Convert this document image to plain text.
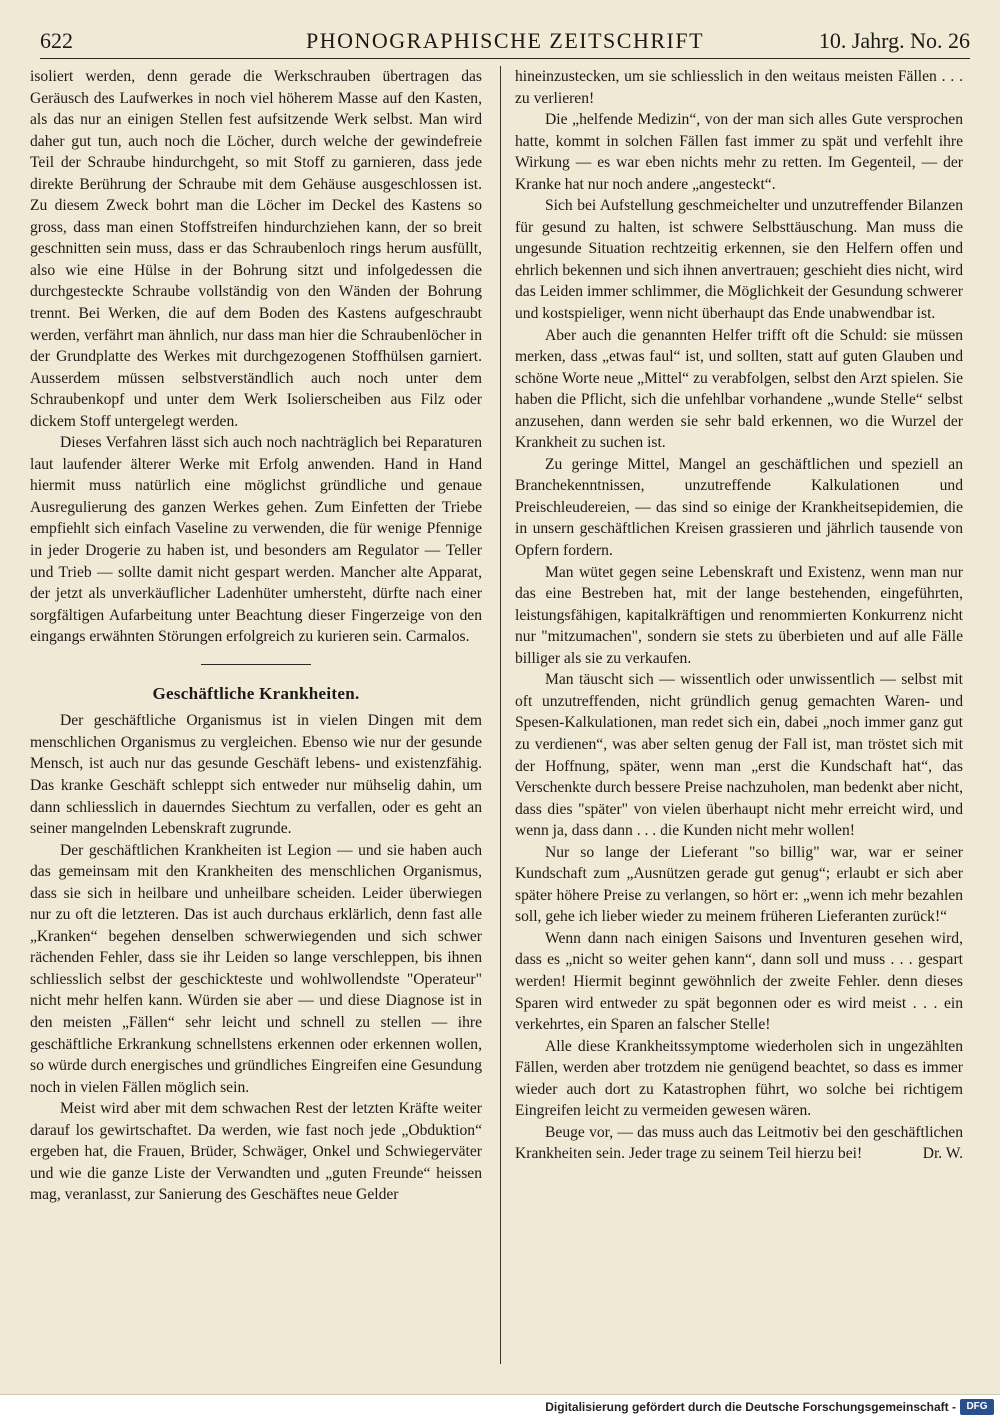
622	PHONOGRAPHISCHE ZEITSCHRIFT	10. Jahrg. No. 26

isoliert werden, denn gerade die Werkschrauben übertragen das Geräusch des Laufwerkes in noch viel höherem Masse auf den Kasten, als das nur an einigen Stellen fest aufsitzende Werk selbst. Man wird daher gut tun, auch noch die Löcher, durch welche der gewindefreie Teil der Schraube hindurchgeht, so mit Stoff zu garnieren, dass jede direkte Berührung der Schraube mit dem Gehäuse ausgeschlossen ist. Zu diesem Zweck bohrt man die Löcher im Deckel des Kastens so gross, dass man einen Stoffstreifen hindurchziehen kann, der so breit geschnitten sein muss, dass er das Schraubenloch rings herum ausfüllt, also wie eine Hülse in der Bohrung sitzt und infolgedessen die durchgesteckte Schraube vollständig von den Wänden der Bohrung trennt. Bei Werken, die auf dem Boden des Kastens aufgeschraubt werden, verfährt man ähnlich, nur dass man hier die Schraubenlöcher in der Grundplatte des Werkes mit durchgezogenen Stoffhülsen garniert. Ausserdem müssen selbstverständlich auch noch unter dem Schraubenkopf und unter dem Werk Isolierscheiben aus Filz oder dickem Stoff untergelegt werden.

Dieses Verfahren lässt sich auch noch nachträglich bei Reparaturen laut laufender älterer Werke mit Erfolg anwenden. Hand in Hand hiermit muss natürlich eine möglichst gründliche und genaue Ausregulierung des ganzen Werkes gehen. Zum Einfetten der Triebe empfiehlt sich einfach Vaseline zu verwenden, die für wenige Pfennige in jeder Drogerie zu haben ist, und besonders am Regulator — Teller und Trieb — sollte damit nicht gespart werden. Mancher alte Apparat, der jetzt als unverkäuflicher Ladenhüter umhersteht, dürfte nach einer sorgfältigen Aufarbeitung unter Beachtung dieser Fingerzeige von den eingangs erwähnten Störungen erfolgreich zu kurieren sein. Carmalos.

Geschäftliche Krankheiten.

Der geschäftliche Organismus ist in vielen Dingen mit dem menschlichen Organismus zu vergleichen. Ebenso wie nur der gesunde Mensch, ist auch nur das gesunde Geschäft lebens- und existenzfähig. Das kranke Geschäft schleppt sich entweder nur mühselig dahin, um dann schliesslich in dauerndes Siechtum zu verfallen, oder es geht an seiner mangelnden Lebenskraft zugrunde.

Der geschäftlichen Krankheiten ist Legion — und sie haben auch das gemeinsam mit den Krankheiten des menschlichen Organismus, dass sie sich in heilbare und unheilbare scheiden. Leider überwiegen nur zu oft die letzteren. Das ist auch durchaus erklärlich, denn fast alle „Kranken“ begehen denselben schwerwiegenden und sich schwer rächenden Fehler, dass sie ihr Leiden so lange verschleppen, bis ihnen schliesslich selbst der geschickteste und wohlwollendste "Operateur" nicht mehr helfen kann. Würden sie aber — und diese Diagnose ist in den meisten „Fällen“ sehr leicht und schnell zu stellen — ihre geschäftliche Erkrankung schnellstens erkennen oder erkennen wollen, so würde durch energisches und gründliches Eingreifen eine Gesundung noch in vielen Fällen möglich sein.

Meist wird aber mit dem schwachen Rest der letzten Kräfte weiter darauf los gewirtschaftet. Da werden, wie fast noch jede „Obduktion“ ergeben hat, die Frauen, Brüder, Schwäger, Onkel und Schwiegerväter und wie die ganze Liste der Verwandten und „guten Freunde“ heissen mag, veranlasst, zur Sanierung des Geschäftes neue Gelder

hineinzustecken, um sie schliesslich in den weitaus meisten Fällen . . . zu verlieren!

Die „helfende Medizin“, von der man sich alles Gute versprochen hatte, kommt in solchen Fällen fast immer zu spät und verfehlt ihre Wirkung — es war eben nichts mehr zu retten. Im Gegenteil, — der Kranke hat nur noch andere „angesteckt“.

Sich bei Aufstellung geschmeichelter und unzutreffender Bilanzen für gesund zu halten, ist schwere Selbsttäuschung. Man muss die ungesunde Situation rechtzeitig erkennen, sie den Helfern offen und ehrlich bekennen und sich ihnen anvertrauen; geschieht dies nicht, wird das Leiden immer schlimmer, die Möglichkeit der Gesundung schwerer und kostspieliger, wenn nicht überhaupt das Ende unabwendbar ist.

Aber auch die genannten Helfer trifft oft die Schuld: sie müssen merken, dass „etwas faul“ ist, und sollten, statt auf guten Glauben und schöne Worte neue „Mittel“ zu verabfolgen, selbst den Arzt spielen. Sie haben die Pflicht, sich die unfehlbar vorhandene „wunde Stelle“ selbst anzusehen, dann werden sie sehr bald erkennen, wo die Wurzel der Krankheit zu suchen ist.

Zu geringe Mittel, Mangel an geschäftlichen und speziell an Branchekenntnissen, unzutreffende Kalkulationen und Preischleudereien, — das sind so einige der Krankheitsepidemien, die in unsern geschäftlichen Kreisen grassieren und jährlich tausende von Opfern fordern.

Man wütet gegen seine Lebenskraft und Existenz, wenn man nur das eine Bestreben hat, mit der lange bestehenden, eingeführten, leistungsfähigen, kapitalkräftigen und renommierten Konkurrenz nicht nur "mitzumachen", sondern sie stets zu überbieten und auf alle Fälle billiger als sie zu verkaufen.

Man täuscht sich — wissentlich oder unwissentlich — selbst mit oft unzutreffenden, nicht gründlich genug gemachten Waren- und Spesen-Kalkulationen, man redet sich ein, dabei „noch immer ganz gut zu verdienen“, was aber selten genug der Fall ist, man tröstet sich mit der Hoffnung, später, wenn man „erst die Kundschaft hat“, das Verschenkte durch bessere Preise nachzuholen, man bedenkt aber nicht, dass dies "später" von vielen überhaupt nicht mehr erreicht wird, und wenn ja, dass dann . . . die Kunden nicht mehr wollen!

Nur so lange der Lieferant "so billig" war, war er seiner Kundschaft zum „Ausnützen gerade gut genug“; erlaubt er sich aber später höhere Preise zu verlangen, so hört er: „wenn ich mehr bezahlen soll, gehe ich lieber wieder zu meinem früheren Lieferanten zurück!“

Wenn dann nach einigen Saisons und Inventuren gesehen wird, dass es „nicht so weiter gehen kann“, dann soll und muss . . . gespart werden! Hiermit beginnt gewöhnlich der zweite Fehler. denn dieses Sparen wird entweder zu spät begonnen oder es wird meist . . . ein verkehrtes, ein Sparen an falscher Stelle!

Alle diese Krankheitssymptome wiederholen sich in ungezählten Fällen, werden aber trotzdem nie genügend beachtet, so dass es immer wieder auch dort zu Katastrophen führt, wo solche bei richtigem Eingreifen leicht zu vermeiden gewesen wären.

Beuge vor, — das muss auch das Leitmotiv bei den geschäftlichen Krankheiten sein. Jeder trage zu seinem Teil hierzu bei!	Dr. W.

Digitalisierung gefördert durch die Deutsche Forschungsgemeinschaft -	DFG
